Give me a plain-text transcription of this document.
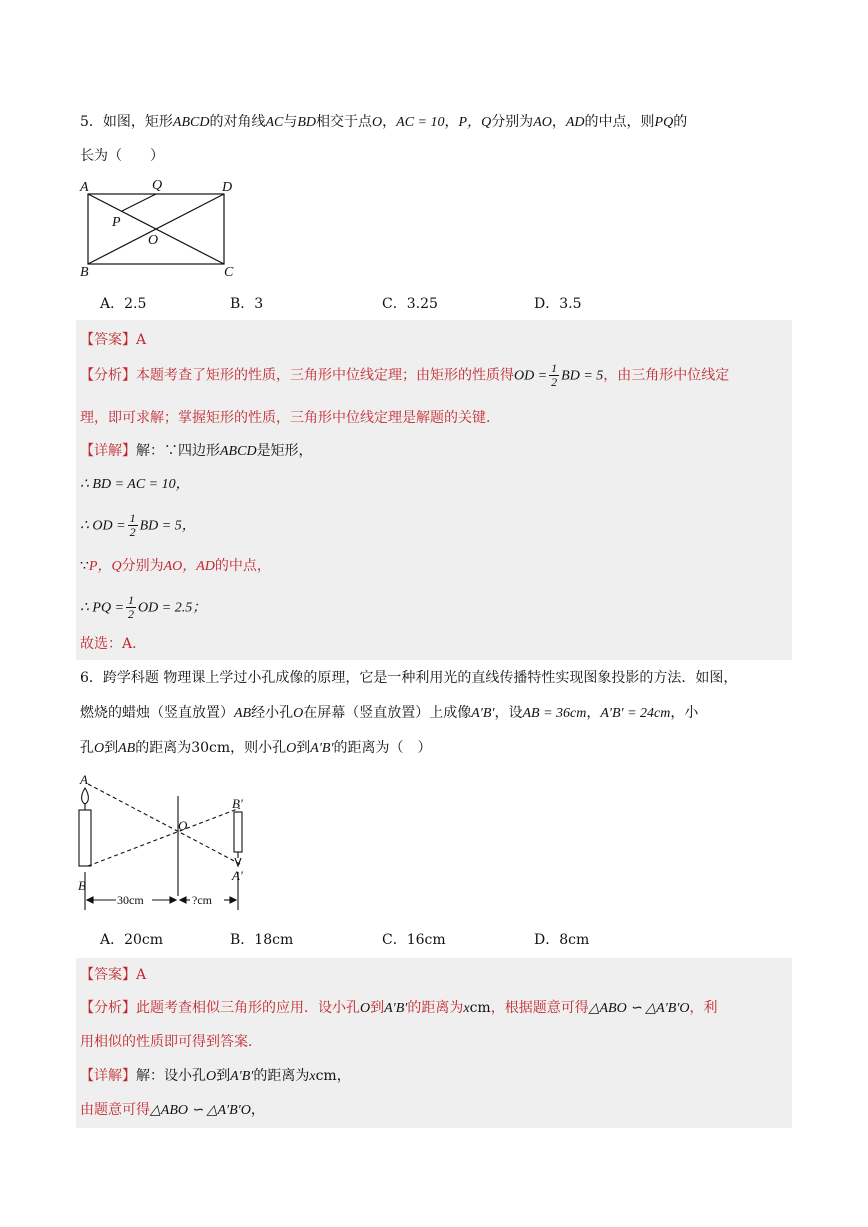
5．如图，矩形ABCD的对角线AC与BD相交于点O，AC = 10，P，Q分别为AO，AD的中点，则PQ的
长为（　　）
A	Q	D
P
O
B	C
A．2.5	B．3	C．3.25	D．3.5
【答案】A
【分析】本题考查了矩形的性质，三角形中位线定理；由矩形的性质得OD = $\frac{1}{2}$ BD = 5，由三角形中位线定
理，即可求解；掌握矩形的性质，三角形中位线定理是解题的关键．
【详解】解：∵四边形ABCD是矩形，
∴ BD = AC = 10，
∴ OD = $\frac{1}{2}$ BD = 5，
∵P，Q分别为AO，AD的中点，
∴ PQ = $\frac{1}{2}$ OD = 2.5；
故选：A．
6．跨学科题 物理课上学过小孔成像的原理，它是一种利用光的直线传播特性实现图象投影的方法．如图，
燃烧的蜡烛（竖直放置）AB经小孔O在屏幕（竖直放置）上成像A′B′，设AB = 36cm，A′B′ = 24cm，小
孔O到AB的距离为30cm，则小孔O到A′B′的距离为（　）
A
B
O
B′
A′
30cm	?cm
A．20cm	B．18cm	C．16cm	D．8cm
【答案】A
【分析】此题考查相似三角形的应用．设小孔O到A′B′的距离为xcm，根据题意可得△ABO ∽ △A′B′O，利
用相似的性质即可得到答案．
【详解】解：设小孔O到A′B′的距离为xcm，
由题意可得△ABO ∽ △A′B′O，
